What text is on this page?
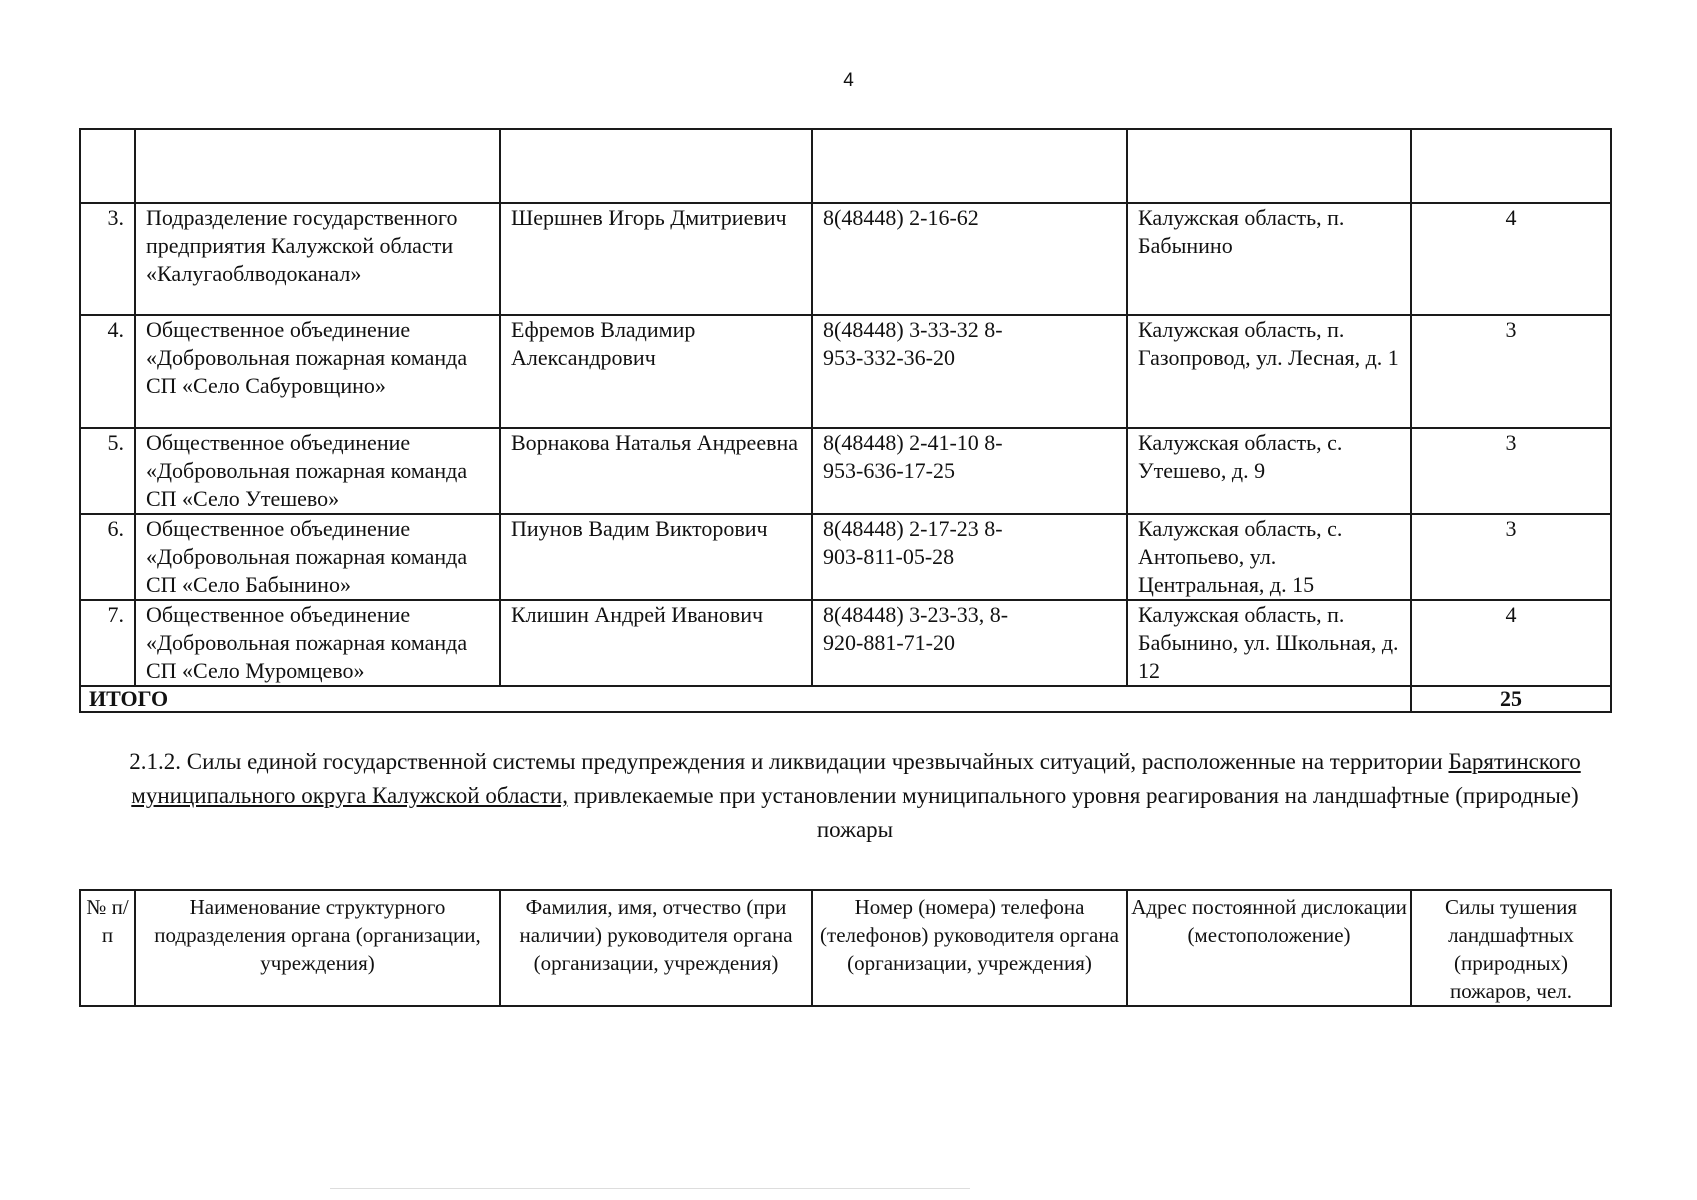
4

3.	Подразделение государственного предприятия Калужской области «Калугаоблводоканал»	Шершнев Игорь Дмитриевич	8(48448) 2-16-62	Калужская область, п. Бабынино	4
4.	Общественное объединение «Добровольная пожарная команда СП «Село Сабуровщино»	Ефремов Владимир Александрович	8(48448) 3-33-32 8-953-332-36-20	Калужская область, п. Газопровод, ул. Лесная, д. 1	3
5.	Общественное объединение «Добровольная пожарная команда СП «Село Утешево»	Ворнакова Наталья Андреевна	8(48448) 2-41-10 8-953-636-17-25	Калужская область, с. Утешево, д. 9	3
6.	Общественное объединение «Добровольная пожарная команда СП «Село Бабынино»	Пиунов Вадим Викторович	8(48448) 2-17-23 8-903-811-05-28	Калужская область, с. Антопьево, ул. Центральная, д. 15	3
7.	Общественное объединение «Добровольная пожарная команда СП «Село Муромцево»	Клишин Андрей Иванович	8(48448) 3-23-33, 8-920-881-71-20	Калужская область, п. Бабынино, ул. Школьная, д. 12	4
ИТОГО					25
2.1.2. Силы единой государственной системы предупреждения и ликвидации чрезвычайных ситуаций, расположенные на территории Барятинского муниципального округа Калужской области, привлекаемые при установлении муниципального уровня реагирования на ландшафтные (природные) пожары
№ п/п	Наименование структурного подразделения органа (организации, учреждения)	Фамилия, имя, отчество (при наличии) руководителя органа (организации, учреждения)	Номер (номера) телефона (телефонов) руководителя органа (организации, учреждения)	Адрес постоянной дислокации (местоположение)	Силы тушения ландшафтных (природных) пожаров, чел.
